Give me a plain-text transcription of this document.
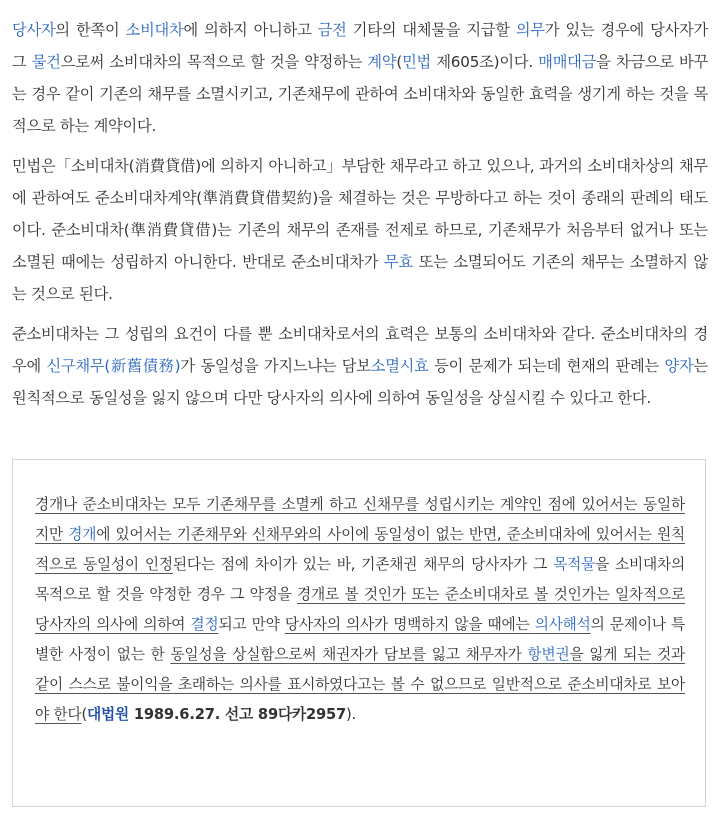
당사자의 한쪽이 소비대차에 의하지 아니하고 금전 기타의 대체물을 지급할 의무가 있는 경우에 당사자가 그 물건으로써 소비대차의 목적으로 할 것을 약정하는 계약(민법 제605조)이다. 매매대금을 차금으로 바꾸는 경우 같이 기존의 채무를 소멸시키고, 기존채무에 관하여 소비대차와 동일한 효력을 생기게 하는 것을 목적으로 하는 계약이다.

민법은「소비대차(消費貸借)에 의하지 아니하고」부담한 채무라고 하고 있으나, 과거의 소비대차상의 채무에 관하여도 준소비대차계약(準消費貸借契約)을 체결하는 것은 무방하다고 하는 것이 종래의 판례의 태도이다. 준소비대차(準消費貸借)는 기존의 채무의 존재를 전제로 하므로, 기존채무가 처음부터 없거나 또는 소멸된 때에는 성립하지 아니한다. 반대로 준소비대차가 무효 또는 소멸되어도 기존의 채무는 소멸하지 않는 것으로 된다.

준소비대차는 그 성립의 요건이 다를 뿐 소비대차로서의 효력은 보통의 소비대차와 같다. 준소비대차의 경우에 신구채무(新舊債務)가 동일성을 가지느냐는 담보소멸시효 등이 문제가 되는데 현재의 판례는 양자는 원칙적으로 동일성을 잃지 않으며 다만 당사자의 의사에 의하여 동일성을 상실시킬 수 있다고 한다.

경개나 준소비대차는 모두 기존채무를 소멸케 하고 신채무를 성립시키는 계약인 점에 있어서는 동일하지만 경개에 있어서는 기존채무와 신채무와의 사이에 동일성이 없는 반면, 준소비대차에 있어서는 원칙적으로 동일성이 인정된다는 점에 차이가 있는 바, 기존채권 채무의 당사자가 그 목적물을 소비대차의 목적으로 할 것을 약정한 경우 그 약정을 경개로 볼 것인가 또는 준소비대차로 볼 것인가는 일차적으로 당사자의 의사에 의하여 결정되고 만약 당사자의 의사가 명백하지 않을 때에는 의사해석의 문제이나 특별한 사정이 없는 한 동일성을 상실함으로써 채권자가 담보를 잃고 채무자가 항변권을 잃게 되는 것과 같이 스스로 불이익을 초래하는 의사를 표시하였다고는 볼 수 없으므로 일반적으로 준소비대차로 보아야 한다(대법원 1989.6.27. 선고 89다카2957).
